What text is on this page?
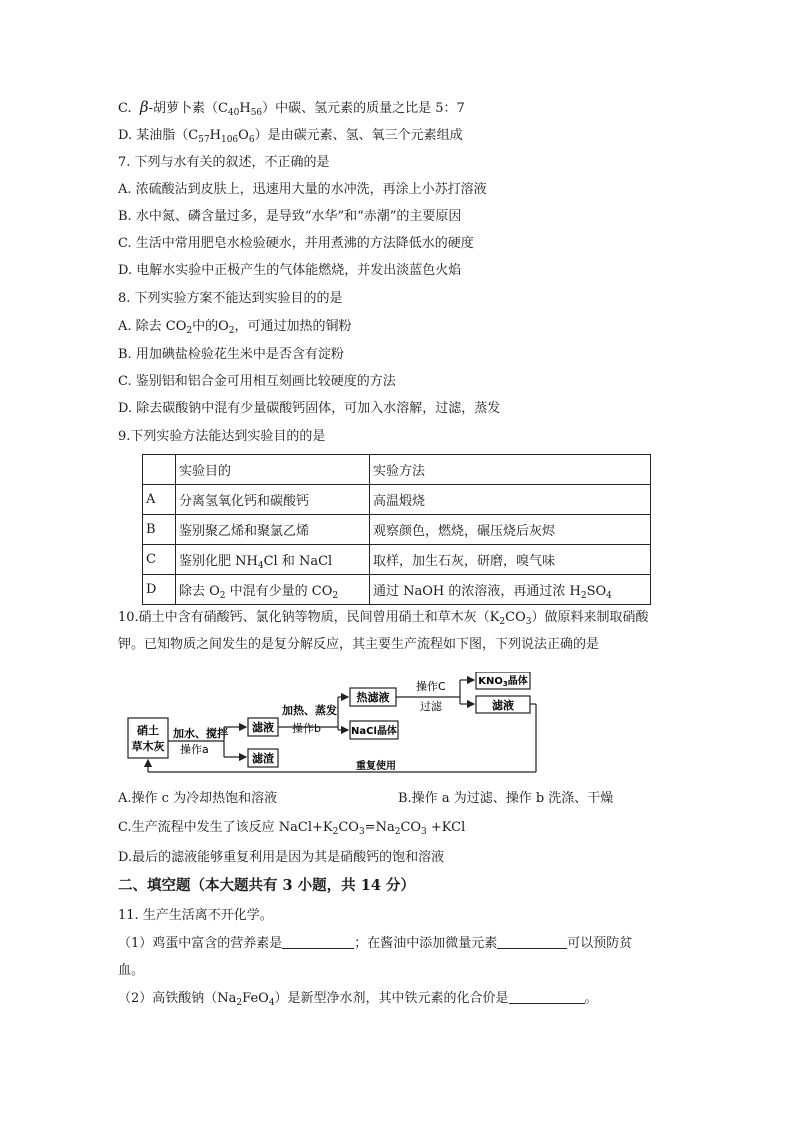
C.  β-胡萝卜素$(C_{40}H_{56})$中碳、氢元素的质量之比是 5：7
D. 某油脂$(C_{57}H_{106}O_6)$是由碳元素、氢、氧三个元素组成
7. 下列与水有关的叙述，不正确的是
A. 浓硫酸沾到皮肤上，迅速用大量的水冲洗，再涂上小苏打溶液
B. 水中氮、磷含量过多，是导致“水华”和“赤潮”的主要原因
C. 生活中常用肥皂水检验硬水，并用煮沸的方法降低水的硬度
D. 电解水实验中正极产生的气体能燃烧，并发出淡蓝色火焰
8. 下列实验方案不能达到实验目的的是
A. 除去 $CO_2$中的$O_2$，可通过加热的铜粉
B. 用加碘盐检验花生米中是否含有淀粉
C. 鉴别铝和铝合金可用相互刻画比较硬度的方法
D. 除去碳酸钠中混有少量碳酸钙固体，可加入水溶解，过滤，蒸发
9.下列实验方法能达到实验目的的是
	实验目的	实验方法
A	分离氢氧化钙和碳酸钙	高温煅烧
B	鉴别聚乙烯和聚氯乙烯	观察颜色，燃烧，碾压烧后灰烬
C	鉴别化肥 $NH_4Cl$ 和 NaCl	取样，加生石灰，研磨，嗅气味
D	除去 $O_2$ 中混有少量的 $CO_2$	通过 NaOH 的浓溶液，再通过浓 $H_2SO_4$
10.硝土中含有硝酸钙、氯化钠等物质，民间曾用硝土和草木灰$(K_2CO_3)$做原料来制取硝酸
钾。已知物质之间发生的是复分解反应，其主要生产流程如下图，下列说法正确的是
硝土
草木灰
加水、搅拌
操作a
滤液
滤渣
加热、蒸发
操作b
热滤液
NaCl晶体
操作C
过滤
$KNO_3$晶体
滤液
重复使用
A.操作 c 为冷却热饱和溶液	B.操作 a 为过滤、操作 b 洗涤、干燥
C.生产流程中发生了该反应 $NaCl+K_2CO_3=Na_2CO_3 +KCl$
D.最后的滤液能够重复利用是因为其是硝酸钙的饱和溶液
二、填空题（本大题共有 3 小题，共 14 分）
11. 生产生活离不开化学。
（1）鸡蛋中富含的营养素是	；在酱油中添加微量元素	可以预防贫
血。
（2）高铁酸钠$(Na_2FeO_4)$是新型净水剂，其中铁元素的化合价是	。
